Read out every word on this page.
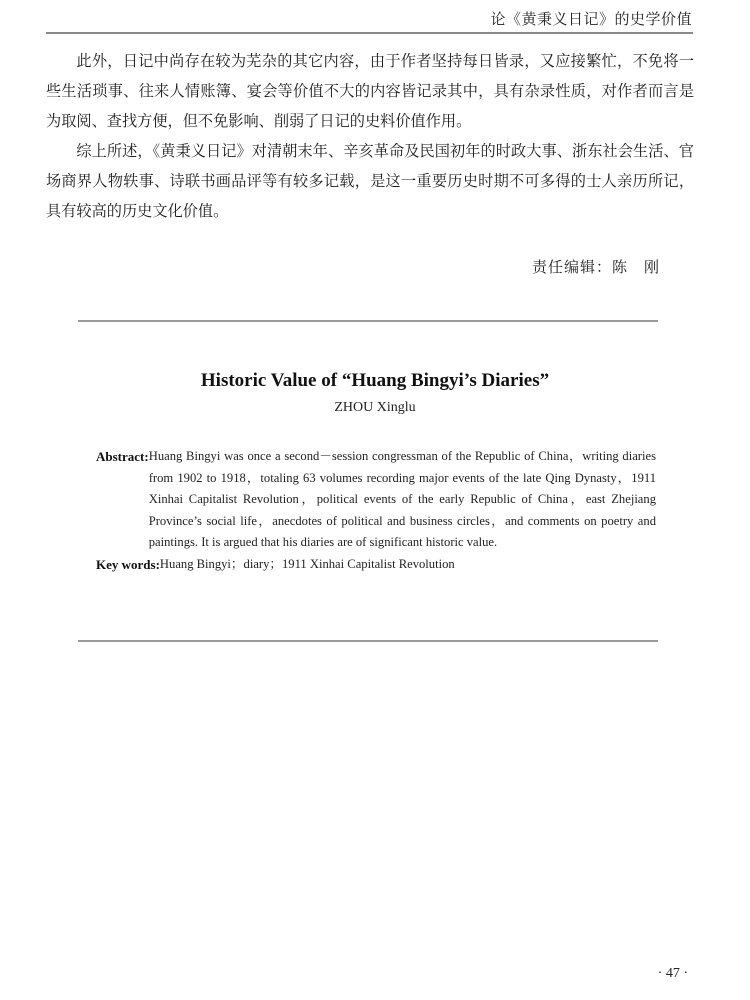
论《黄秉义日记》的史学价值

此外，日记中尚存在较为芜杂的其它内容，由于作者坚持每日皆录，又应接繁忙，不免将一些生活琐事、往来人情账簿、宴会等价值不大的内容皆记录其中，具有杂录性质，对作者而言是为取阅、查找方便，但不免影响、削弱了日记的史料价值作用。

综上所述，《黄秉义日记》对清朝末年、辛亥革命及民国初年的时政大事、浙东社会生活、官场商界人物轶事、诗联书画品评等有较多记载，是这一重要历史时期不可多得的士人亲历所记，具有较高的历史文化价值。

责任编辑：陈　刚
Historic Value of “Huang Bingyi’s Diaries”
ZHOU Xinglu
Abstract: Huang Bingyi was once a second－session congressman of the Republic of China，writing diaries from 1902 to 1918，totaling 63 volumes recording major events of the late Qing Dynasty，1911 Xinhai Capitalist Revolution，political events of the early Republic of China，east Zhejiang Province’s social life，anecdotes of political and business circles，and comments on poetry and paintings. It is argued that his diaries are of significant historic value.
Key words: Huang Bingyi；diary；1911 Xinhai Capitalist Revolution
· 47 ·
